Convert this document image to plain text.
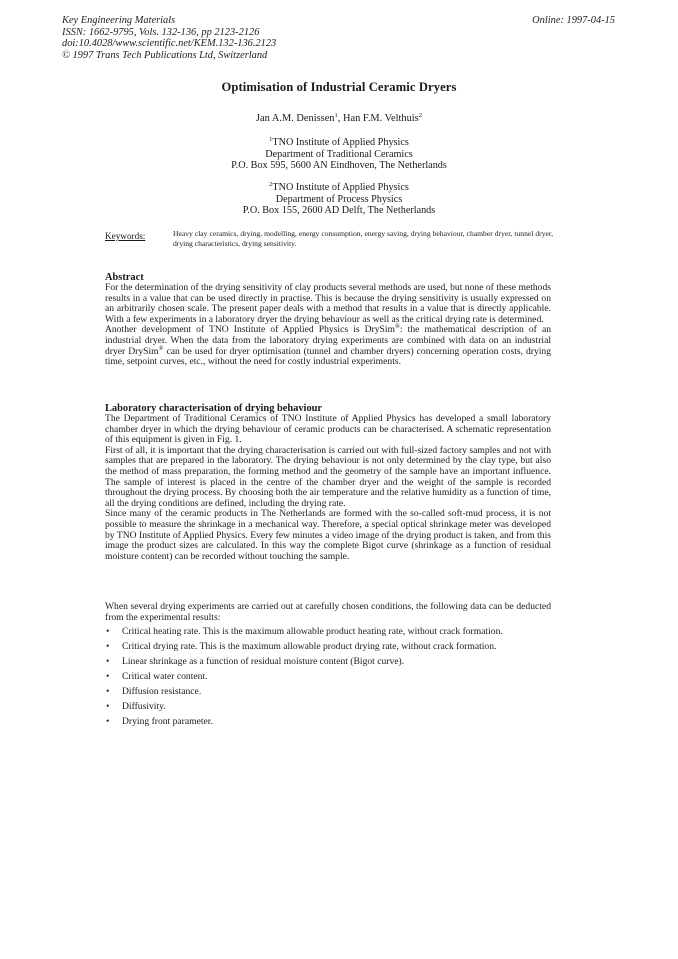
Key Engineering Materials
ISSN: 1662-9795, Vols. 132-136, pp 2123-2126
doi:10.4028/www.scientific.net/KEM.132-136.2123
© 1997 Trans Tech Publications Ltd, Switzerland
Online: 1997-04-15
Optimisation of Industrial Ceramic Dryers
Jan A.M. Denissen$^1$, Han F.M. Velthuis$^2$
$^1$TNO Institute of Applied Physics
Department of Traditional Ceramics
P.O. Box 595, 5600 AN Eindhoven, The Netherlands
$^2$TNO Institute of Applied Physics
Department of Process Physics
P.O. Box 155, 2600 AD Delft, The Netherlands
Keywords:	Heavy clay ceramics, drying, modelling, energy consumption, energy saving, drying behaviour, chamber dryer, tunnel dryer, drying characteristics, drying sensitivity.
Abstract

For the determination of the drying sensitivity of clay products several methods are used, but none of these methods results in a value that can be used directly in practise. This is because the drying sensitivity is usually expressed on an arbitrarily chosen scale. The present paper deals with a method that results in a value that is directly applicable. With a few experiments in a laboratory dryer the drying behaviour as well as the critical drying rate is determined.

Another development of TNO Institute of Applied Physics is DrySim®: the mathematical description of an industrial dryer. When the data from the laboratory drying experiments are combined with data on an industrial dryer DrySim® can be used for dryer optimisation (tunnel and chamber dryers) concerning operation costs, drying time, setpoint curves, etc., without the need for costly industrial experiments.

Laboratory characterisation of drying behaviour

The Department of Traditional Ceramics of TNO Institute of Applied Physics has developed a small laboratory chamber dryer in which the drying behaviour of ceramic products can be characterised. A schematic representation of this equipment is given in Fig. 1.

First of all, it is important that the drying characterisation is carried out with full-sized factory samples and not with samples that are prepared in the laboratory. The drying behaviour is not only determined by the clay type, but also the method of mass preparation, the forming method and the geometry of the sample have an important influence. The sample of interest is placed in the centre of the chamber dryer and the weight of the sample is recorded throughout the drying process. By choosing both the air temperature and the relative humidity as a function of time, all the drying conditions are defined, including the drying rate.

Since many of the ceramic products in The Netherlands are formed with the so-called soft-mud process, it is not possible to measure the shrinkage in a mechanical way. Therefore, a special optical shrinkage meter was developed by TNO Institute of Applied Physics. Every few minutes a video image of the drying product is taken, and from this image the product sizes are calculated. In this way the complete Bigot curve (shrinkage as a function of residual moisture content) can be recorded without touching the sample.

When several drying experiments are carried out at carefully chosen conditions, the following data can be deducted from the experimental results:

• Critical heating rate. This is the maximum allowable product heating rate, without crack formation.
• Critical drying rate. This is the maximum allowable product drying rate, without crack formation.
• Linear shrinkage as a function of residual moisture content (Bigot curve).
• Critical water content.
• Diffusion resistance.
• Diffusivity.
• Drying front parameter.
